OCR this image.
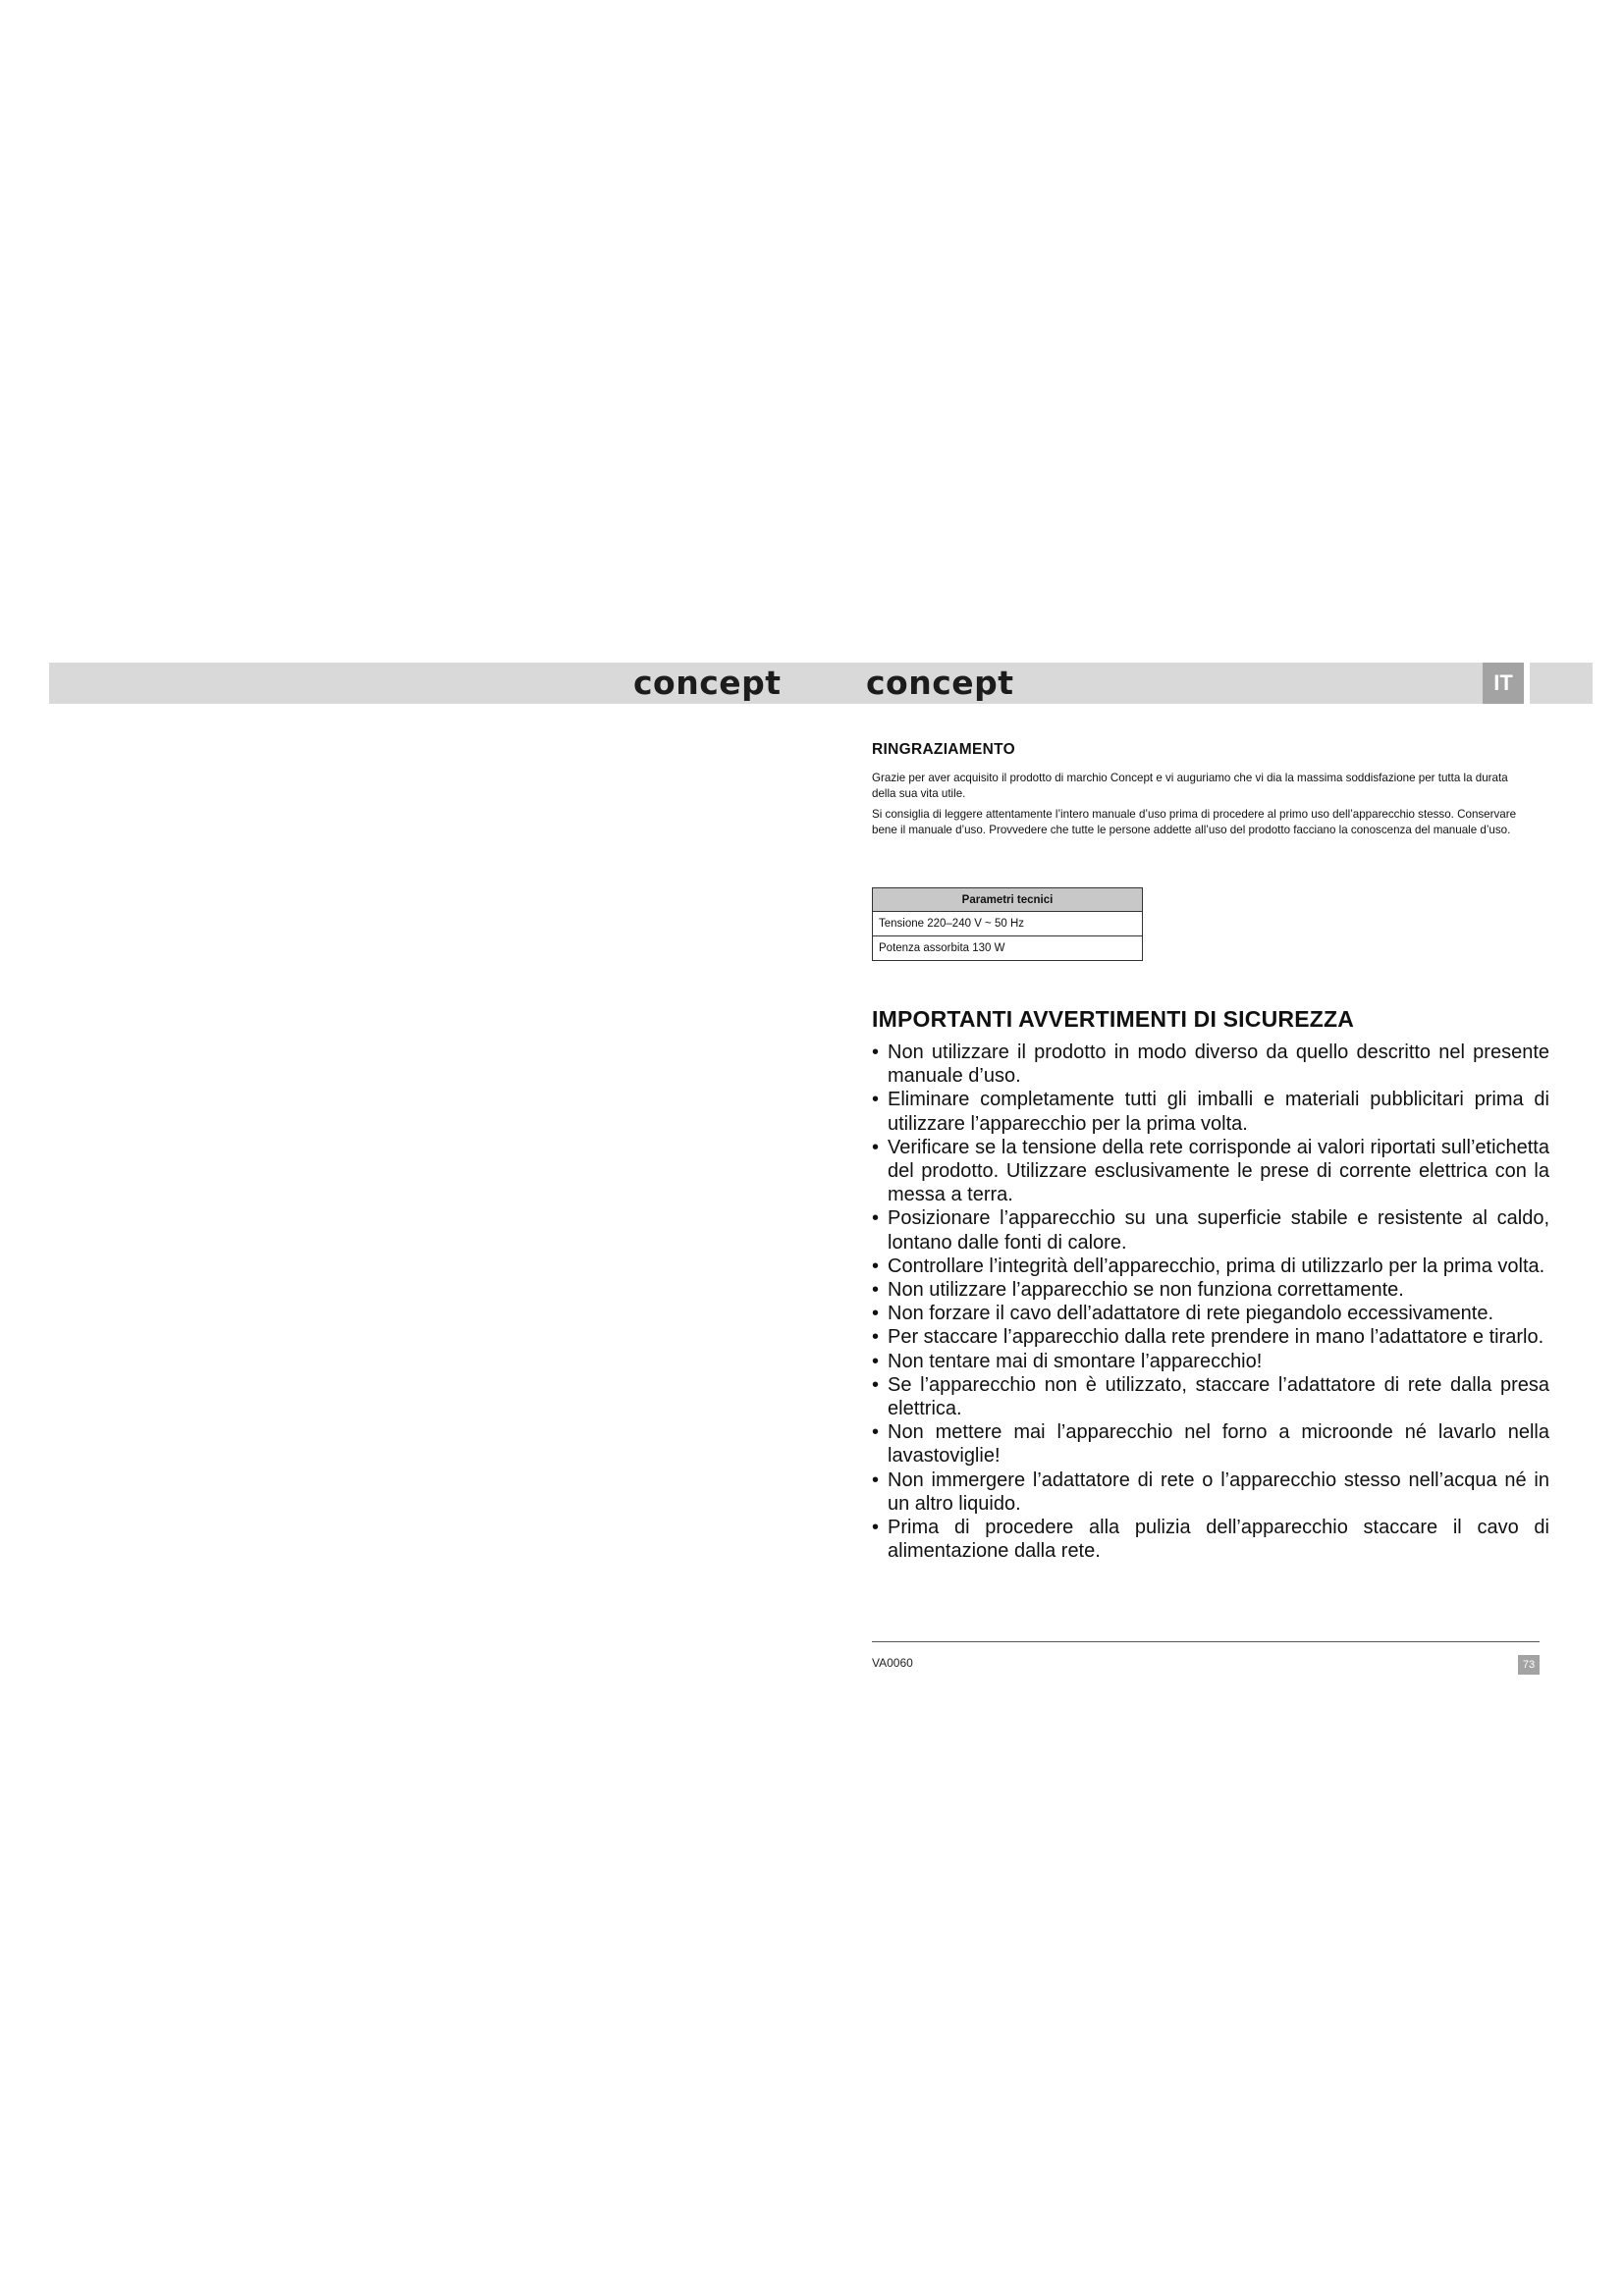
concept	concept	IT
RINGRAZIAMENTO

Grazie per aver acquisito il prodotto di marchio Concept e vi auguriamo che vi dia la massima soddisfazione per tutta la durata della sua vita utile.

Si consiglia di leggere attentamente l’intero manuale d’uso prima di procedere al primo uso dell’apparecchio stesso. Conservare bene il manuale d’uso. Provvedere che tutte le persone addette all’uso del prodotto facciano la conoscenza del manuale d’uso.

Parametri tecnici
Tensione 220–240 V ~ 50 Hz
Potenza assorbita 130 W
IMPORTANTI AVVERTIMENTI DI SICUREZZA
• Non utilizzare il prodotto in modo diverso da quello descritto nel presente manuale d’uso.
• Eliminare completamente tutti gli imballi e materiali pubblicitari prima di utilizzare l’apparecchio per la prima volta.
• Verificare se la tensione della rete corrisponde ai valori riportati sull’etichetta del prodotto. Utilizzare esclusivamente le prese di corrente elettrica con la messa a terra.
• Posizionare l’apparecchio su una superficie stabile e resistente al caldo, lontano dalle fonti di calore.
• Controllare l’integrità dell’apparecchio, prima di utilizzarlo per la prima volta.
• Non utilizzare l’apparecchio se non funziona correttamente.
• Non forzare il cavo dell’adattatore di rete piegandolo eccessivamente.
• Per staccare l’apparecchio dalla rete prendere in mano l’adattatore e tirarlo.
• Non tentare mai di smontare l’apparecchio!
• Se l’apparecchio non è utilizzato, staccare l’adattatore di rete dalla presa elettrica.
• Non mettere mai l’apparecchio nel forno a microonde né lavarlo nella lavastoviglie!
• Non immergere l’adattatore di rete o l’apparecchio stesso nell’acqua né in un altro liquido.
• Prima di procedere alla pulizia dell’apparecchio staccare il cavo di alimentazione dalla rete.
VA0060	73
